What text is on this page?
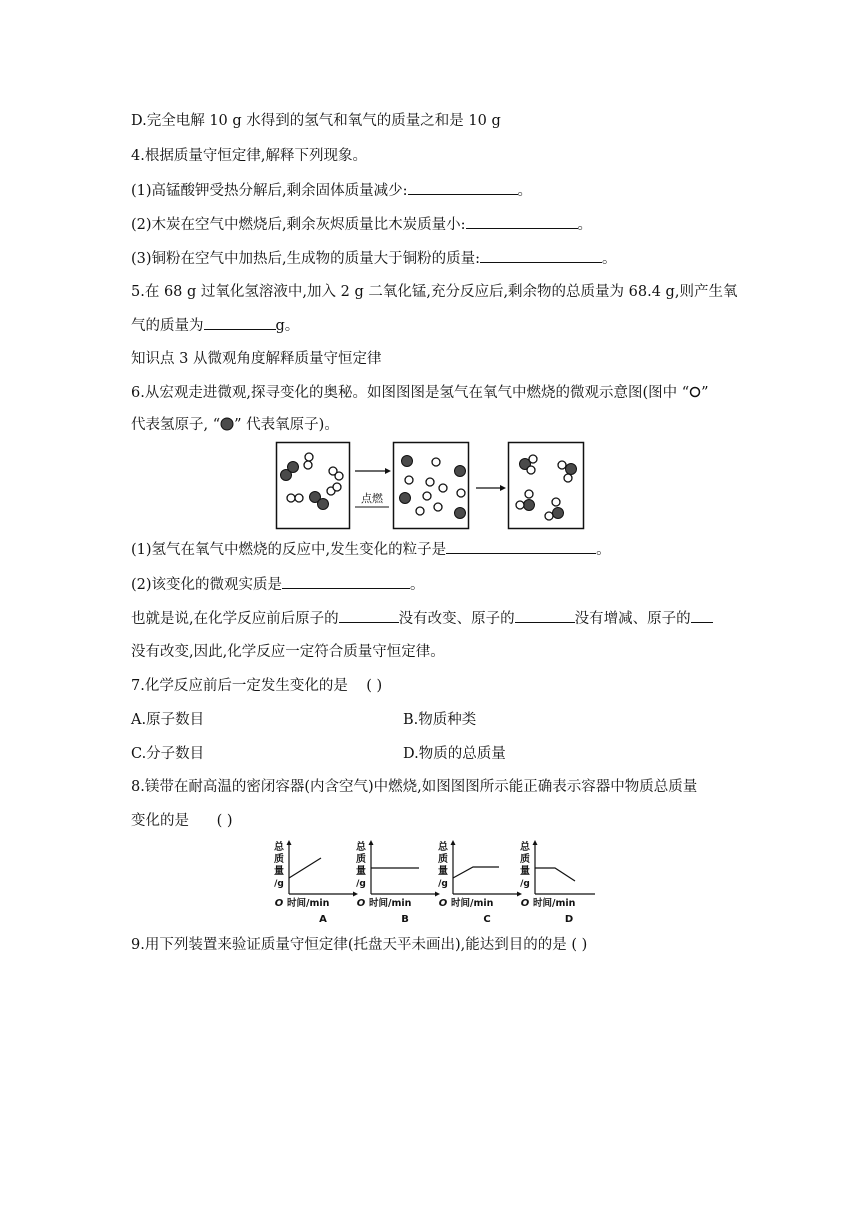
D.完全电解 10 g 水得到的氢气和氧气的质量之和是 10 g
4.根据质量守恒定律,解释下列现象。
(1)高锰酸钾受热分解后,剩余固体质量减少:	。
(2)木炭在空气中燃烧后,剩余灰烬质量比木炭质量小:	。
(3)铜粉在空气中加热后,生成物的质量大于铜粉的质量:	。
5.在 68 g 过氧化氢溶液中,加入 2 g 二氧化锰,充分反应后,剩余物的总质量为 68.4 g,则产生氧
气的质量为	g。
知识点 3 从微观角度解释质量守恒定律
6.从宏观走进微观,探寻变化的奥秘。如图图图是氢气在氧气中燃烧的微观示意图(图中 “ ”
代表氢原子, “ ” 代表氧原子)。
点燃
(1)氢气在氧气中燃烧的反应中,发生变化的粒子是	。
(2)该变化的微观实质是	。
也就是说,在化学反应前后原子的	没有改变、原子的	没有增减、原子的
没有改变,因此,化学反应一定符合质量守恒定律。
7.化学反应前后一定发生变化的是 ( )
A.原子数目	B.物质种类
C.分子数目	D.物质的总质量
8.镁带在耐高温的密闭容器(内含空气)中燃烧,如图图图所示能正确表示容器中物质总质量
变化的是 ( )
总
质
量
/g
O 时间/min
A
总
质
量
/g
O 时间/min
B
总
质
量
/g
O 时间/min
C
总
质
量
/g
O 时间/min
D
9.用下列装置来验证质量守恒定律(托盘天平未画出),能达到目的的是 ( )
